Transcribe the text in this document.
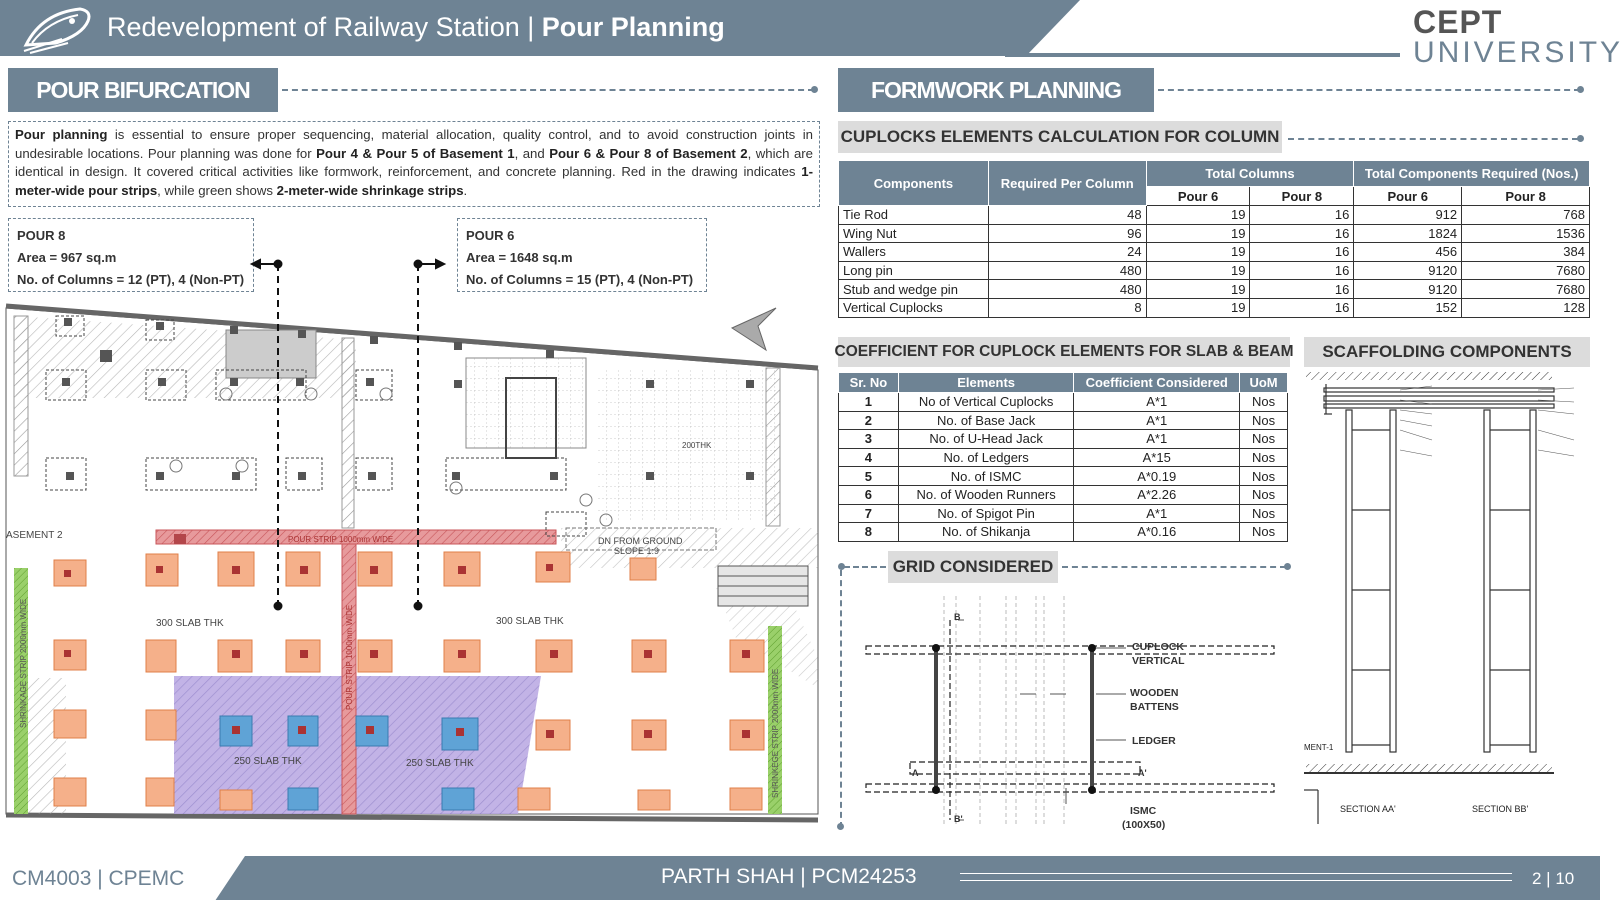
Redevelopment of Railway Station | Pour Planning	CEPT
UNIVERSITY
POUR BIFURCATION
Pour planning is essential to ensure proper sequencing, material allocation, quality control, and to avoid construction joints in undesirable locations. Pour planning was done for Pour 4 & Pour 5 of Basement 1, and Pour 6 & Pour 8 of Basement 2, which are identical in design. It covered critical activities like formwork, reinforcement, and concrete planning. Red in the drawing indicates 1-meter-wide pour strips, while green shows 2-meter-wide shrinkage strips.
POUR 8
Area = 967 sq.m
No. of Columns = 12 (PT), 4 (Non-PT)
POUR 6
Area = 1648 sq.m
No. of Columns = 15 (PT), 4 (Non-PT)
300 SLAB THK	300 SLAB THK
250 SLAB THK	250 SLAB THK
200THK
DN FROM GROUND
SLOPE 1:9
ASEMENT 2	POUR STRIP 1000mm WIDE
SHRINKAGE STRIP 2000mm WIDE
SHRINKEGE STRIP 2000mm WIDE
POUR STRIP 1000mm WIDE
FORMWORK PLANNING
CUPLOCKS ELEMENTS CALCULATION FOR COLUMN
Components	Required Per Column	Total Columns		Total Components Required (Nos.)	
		Pour 6	Pour 8	Pour 6	Pour 8
Tie Rod	48	19	16	912	768
Wing Nut	96	19	16	1824	1536
Wallers	24	19	16	456	384
Long pin	480	19	16	9120	7680
Stub and wedge pin	480	19	16	9120	7680
Vertical Cuplocks	8	19	16	152	128
COEFFICIENT FOR CUPLOCK ELEMENTS FOR SLAB & BEAM	SCAFFOLDING COMPONENTS
Sr. No	Elements	Coefficient Considered	UoM
1	No of Vertical Cuplocks	A*1	Nos
2	No. of Base Jack	A*1	Nos
3	No. of U-Head Jack	A*1	Nos
4	No. of Ledgers	A*15	Nos
5	No. of ISMC	A*0.19	Nos
6	No. of Wooden Runners	A*2.26	Nos
7	No. of Spigot Pin	A*1	Nos
8	No. of Shikanja	A*0.16	Nos
GRID CONSIDERED
CUPLOCK
VERTICAL
WOODEN
BATTENS
LEDGER
ISMC
(100X50)
A	A'
B
B'
SECTION AA'	SECTION BB'
MENT-1
CM4003 | CPEMC	PARTH SHAH | PCM24253	2 | 10
